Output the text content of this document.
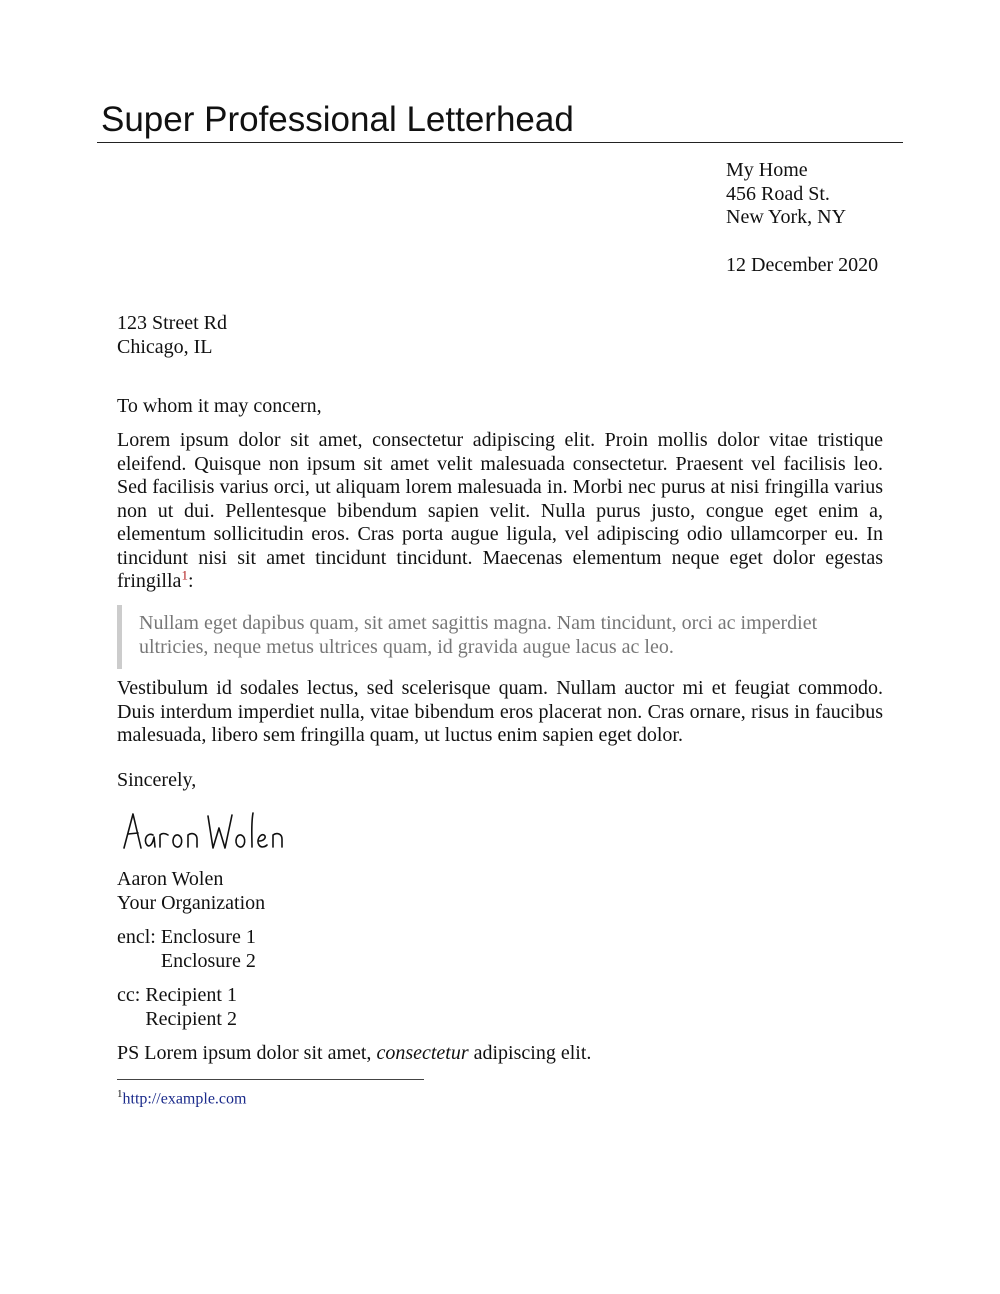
Super Professional Letterhead
My Home
456 Road St.
New York, NY
12 December 2020
123 Street Rd
Chicago, IL
To whom it may concern,

Lorem ipsum dolor sit amet, consectetur adipiscing elit. Proin mollis dolor vitae tristique eleifend. Quisque non ipsum sit amet velit malesuada consectetur. Praesent vel facilisis leo. Sed facilisis varius orci, ut aliquam lorem malesuada in. Morbi nec purus at nisi fringilla varius non ut dui. Pellentesque bibendum sapien velit. Nulla purus justo, congue eget enim a, elementum sollicitudin eros. Cras porta augue ligula, vel adipiscing odio ullamcorper eu. In tincidunt nisi sit amet tincidunt tincidunt. Maecenas elementum neque eget dolor egestas fringilla$^1$:

Nullam eget dapibus quam, sit amet sagittis magna. Nam tincidunt, orci ac imperdiet ultricies, neque metus ultrices quam, id gravida augue lacus ac leo.

Vestibulum id sodales lectus, sed scelerisque quam. Nullam auctor mi et feugiat commodo. Duis interdum imperdiet nulla, vitae bibendum eros placerat non. Cras ornare, risus in faucibus malesuada, libero sem fringilla quam, ut luctus enim sapien eget dolor.

Sincerely,
Aaron Wolen
Your Organization
encl:
Enclosure 1
Enclosure 2
cc:
Recipient 1
Recipient 2
PS Lorem ipsum dolor sit amet, consectetur adipiscing elit.
$^1$http://example.com
